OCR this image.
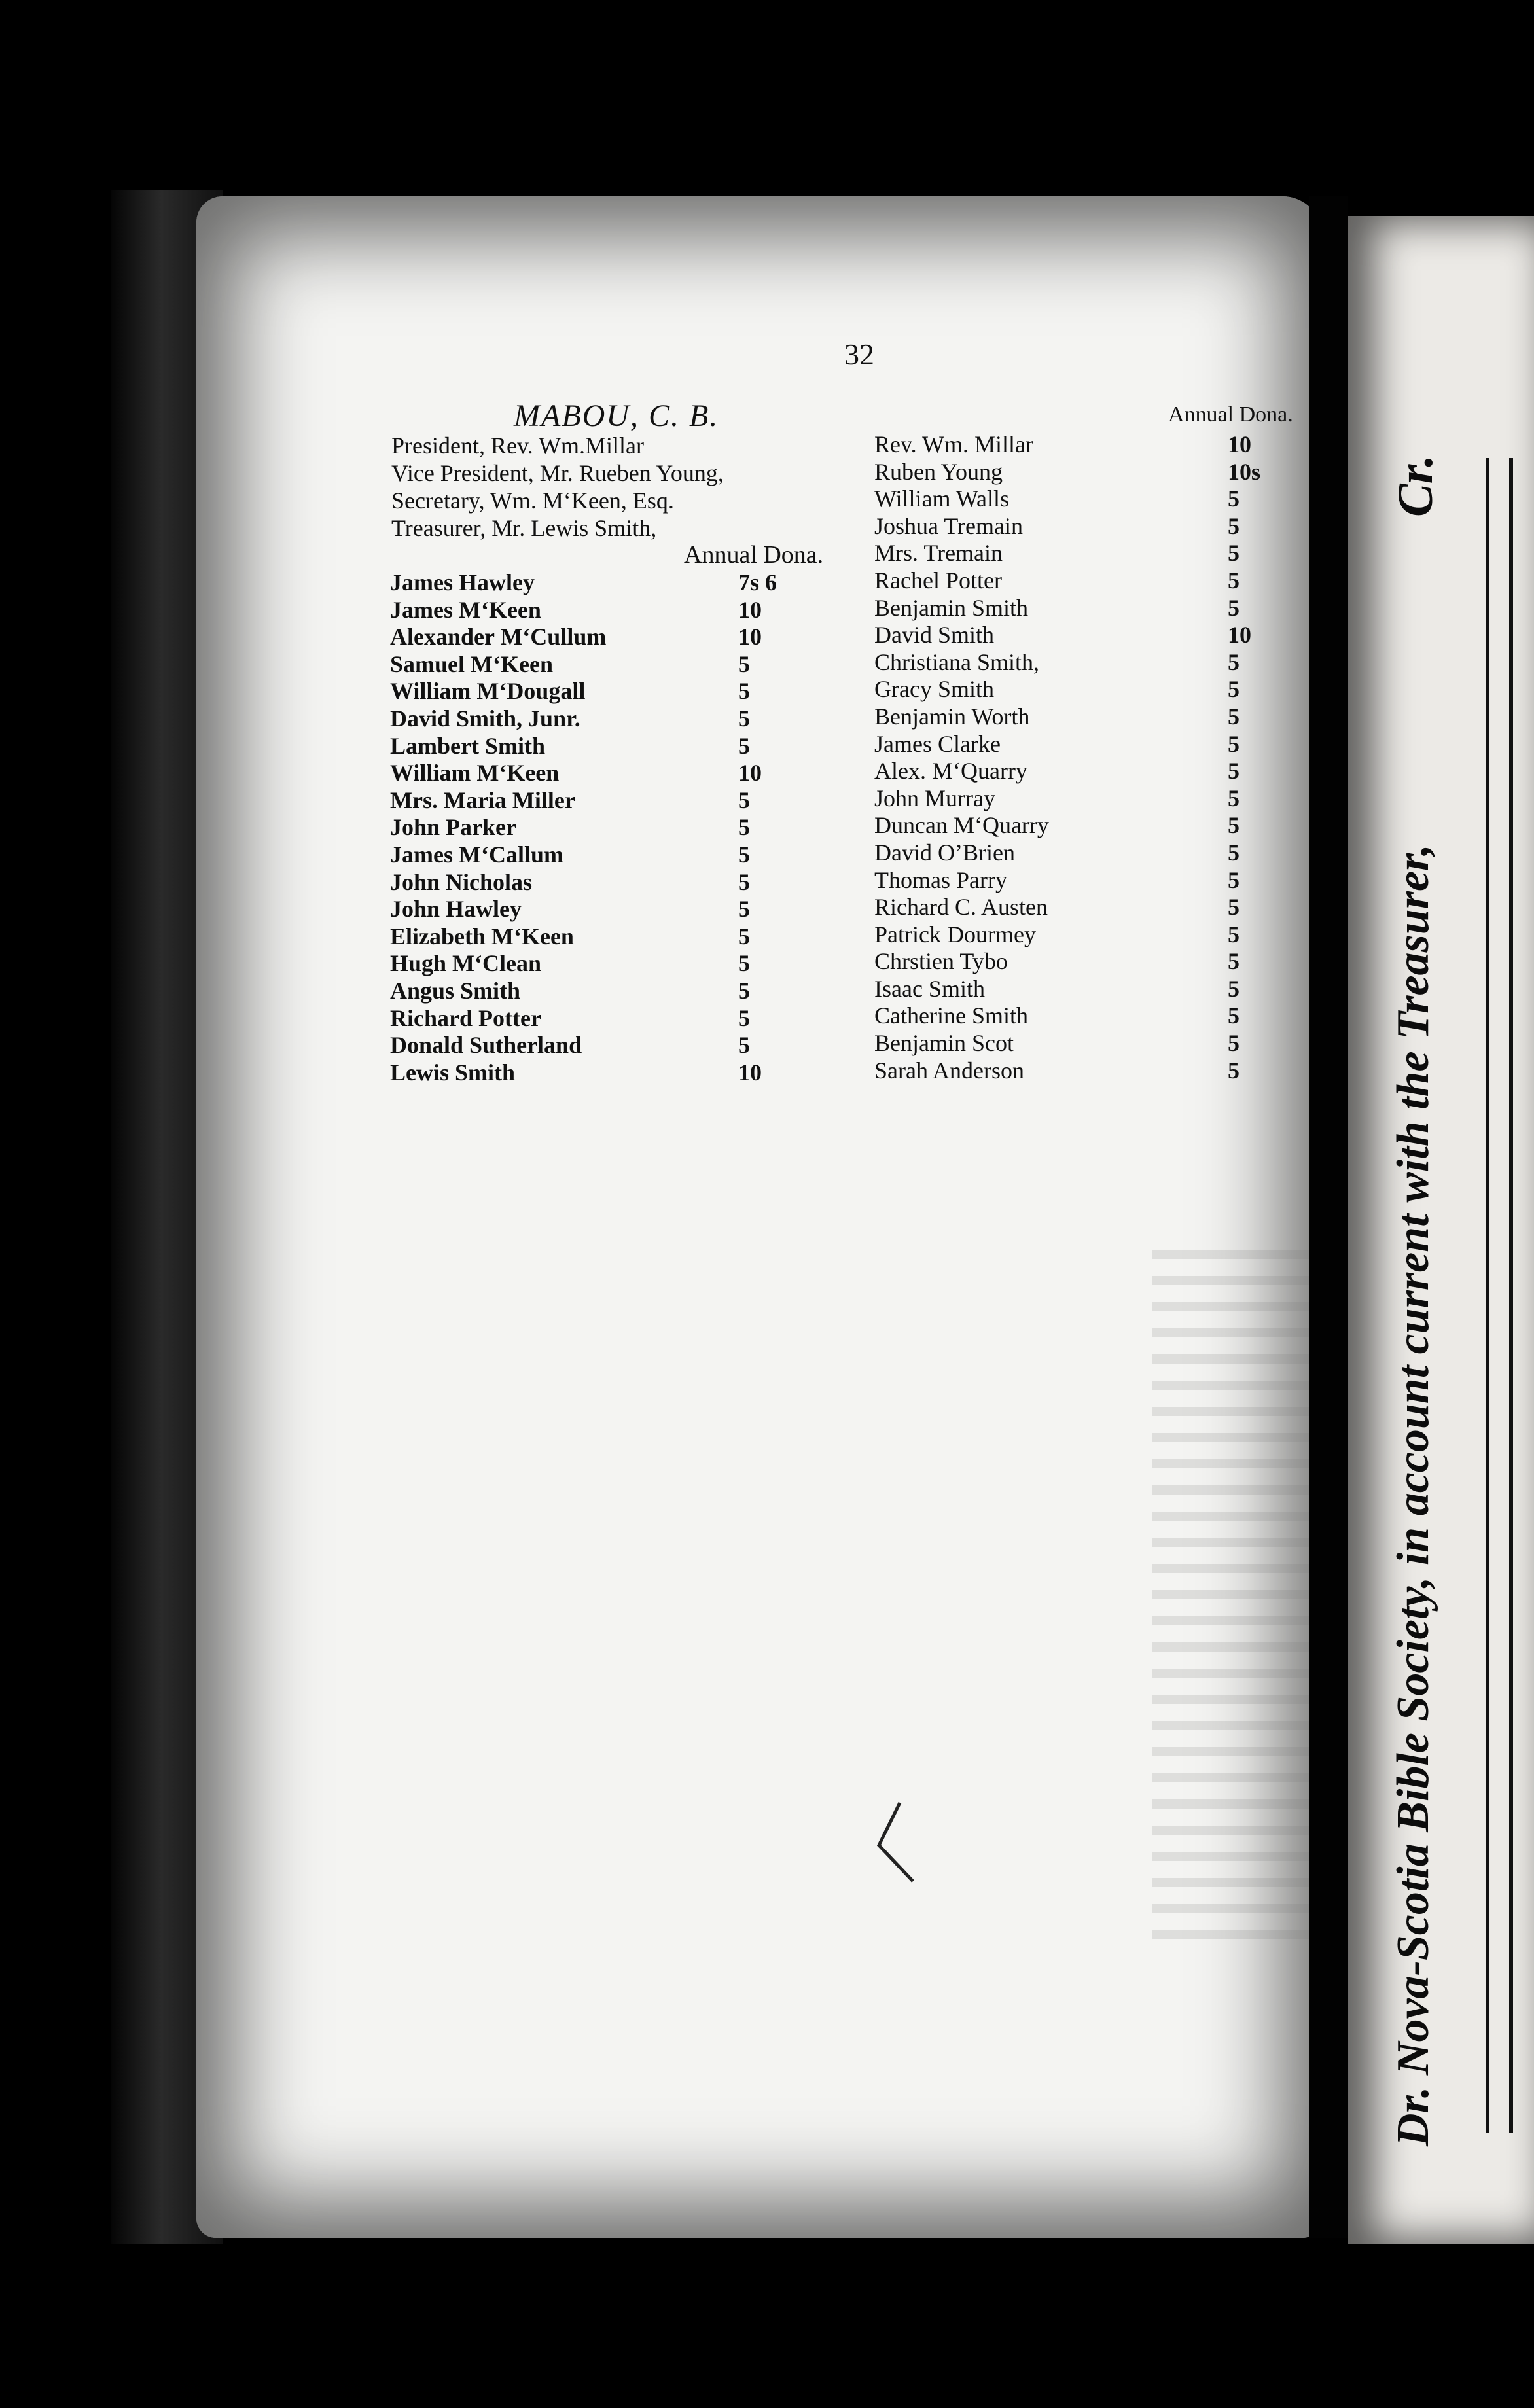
32
MABOU, C. B.
President, Rev. Wm.Millar
Vice President, Mr. Rueben Young,
Secretary, Wm. M‘Keen, Esq.
Treasurer, Mr. Lewis Smith,
Annual Dona.
Annual Dona.
James Hawley	7s 6
James M‘Keen	10
Alexander M‘Cullum	10
Samuel M‘Keen	5
William M‘Dougall	5
David Smith, Junr.	5
Lambert Smith	5
William M‘Keen	10
Mrs. Maria Miller	5
John Parker	5
James M‘Callum	5
John Nicholas	5
John Hawley	5
Elizabeth M‘Keen	5
Hugh M‘Clean	5
Angus Smith	5
Richard Potter	5
Donald Sutherland	5
Lewis Smith	10
Rev. Wm. Millar	10
Ruben Young	10s
William Walls	5
Joshua Tremain	5
Mrs. Tremain	5
Rachel Potter	5
Benjamin Smith	5
David Smith	10
Christiana Smith,	5
Gracy Smith	5
Benjamin Worth	5
James Clarke	5
Alex. M‘Quarry	5
John Murray	5
Duncan M‘Quarry	5
David O’Brien	5
Thomas Parry	5
Richard C. Austen	5
Patrick Dourmey	5
Chrstien Tybo	5
Isaac Smith	5
Catherine Smith	5
Benjamin Scot	5
Sarah Anderson	5	Dr. Nova-Scotia Bible Society, in account current with the Treasurer,
Cr.
